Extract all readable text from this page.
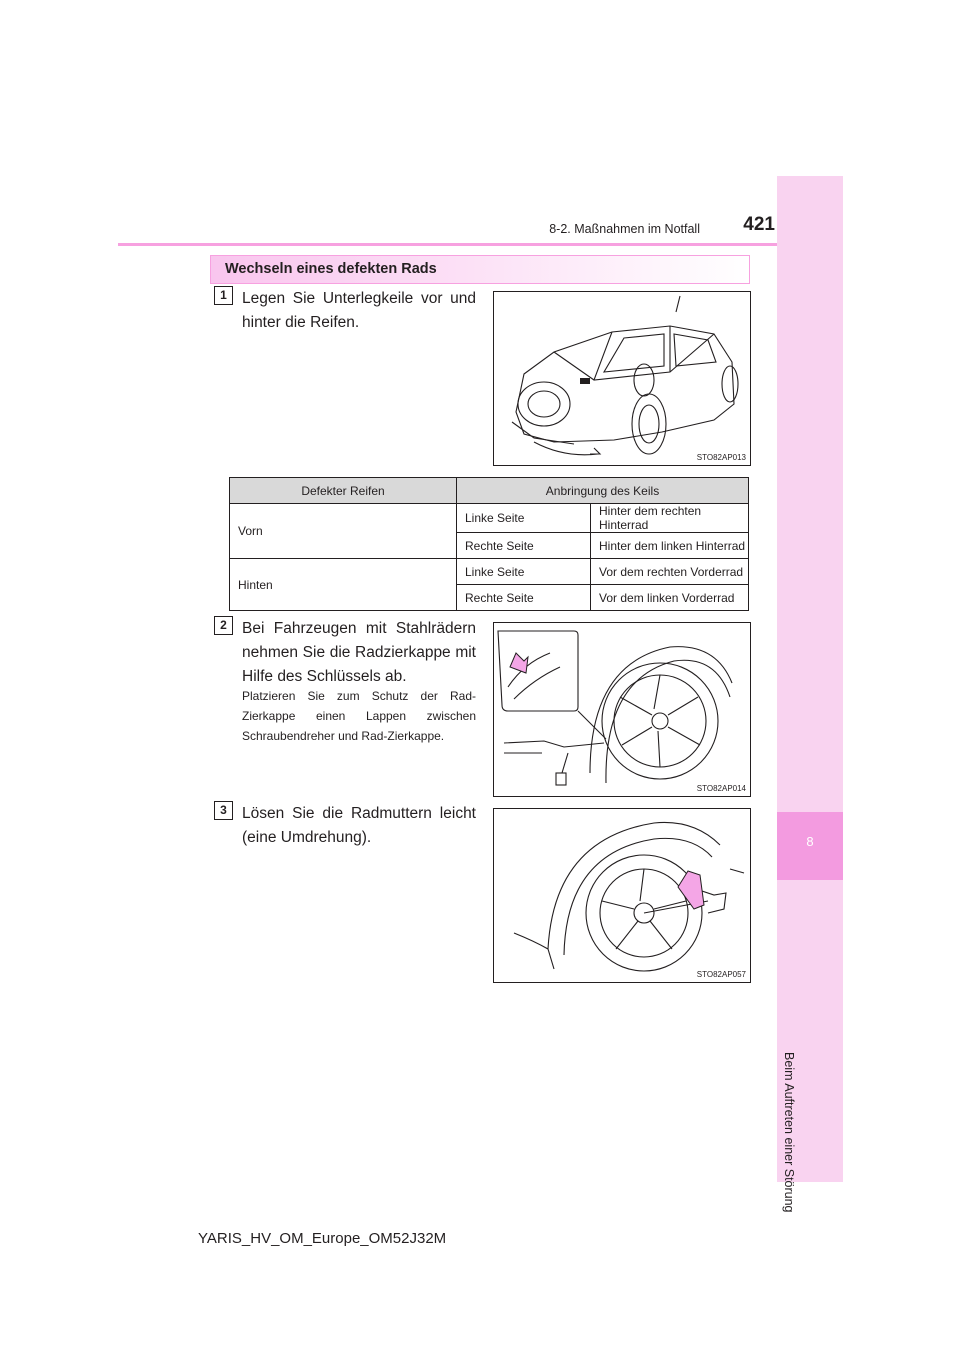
8-2. Maßnahmen im Notfall	421
8
Beim Auftreten einer Störung
Wechseln eines defekten Rads
1 Legen Sie Unterlegkeile vor und hinter die Reifen.
STO82AP013
Defekter Reifen	Anbringung des Keils	
Vorn	Linke Seite	Hinter dem rechten Hinterrad
	Rechte Seite	Hinter dem linken Hinterrad
Hinten	Linke Seite	Vor dem rechten Vorderrad
	Rechte Seite	Vor dem linken Vorderrad
2 Bei Fahrzeugen mit Stahlrädern nehmen Sie die Radzierkappe mit Hilfe des Schlüssels ab.
Platzieren Sie zum Schutz der Rad-Zierkappe einen Lappen zwischen Schraubendreher und Rad-Zierkappe.
STO82AP014
3 Lösen Sie die Radmuttern leicht (eine Umdrehung).
STO82AP057
YARIS_HV_OM_Europe_OM52J32M
